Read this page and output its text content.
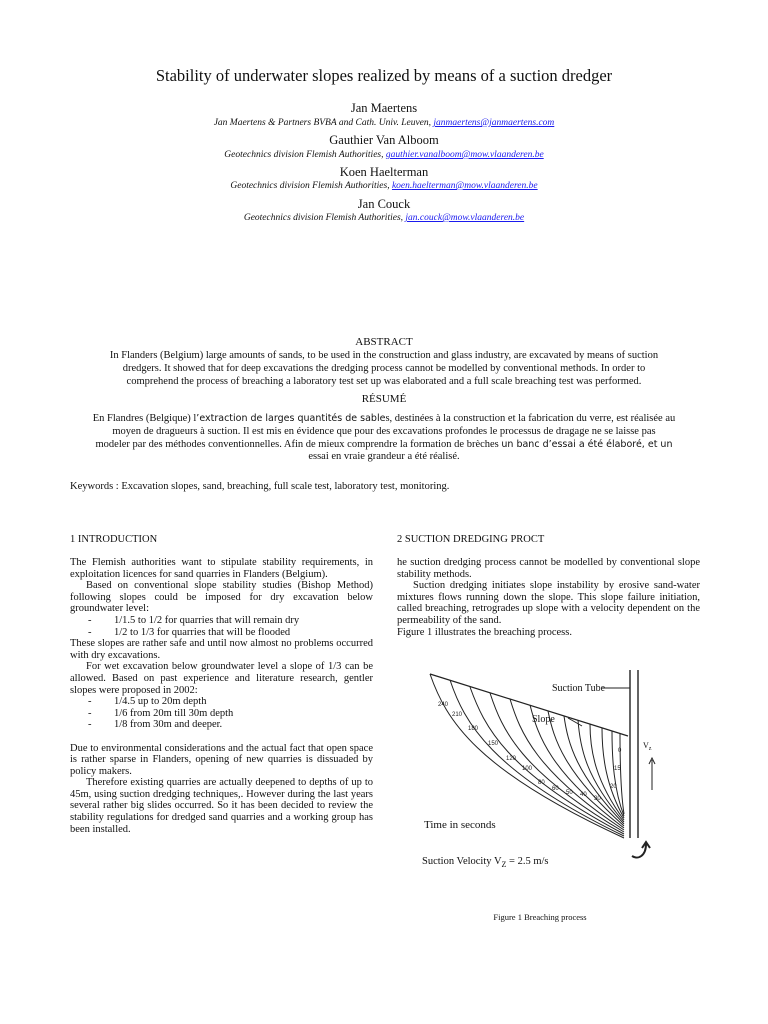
Stability of underwater slopes realized by means of a suction dredger
Jan Maertens
Jan Maertens & Partners BVBA and Cath. Univ. Leuven, janmaertens@janmaertens.com
Gauthier Van Alboom
Geotechnics division Flemish Authorities, gauthier.vanalboom@mow.vlaanderen.be
Koen Haelterman
Geotechnics division Flemish Authorities, koen.haelterman@mow.vlaanderen.be
Jan Couck
Geotechnics division Flemish Authorities, jan.couck@mow.vlaanderen.be
ABSTRACT
In Flanders (Belgium) large amounts of sands, to be used in the construction and glass industry, are excavated by means of suction
dredgers. It showed that for deep excavations the dredging process cannot be modelled by conventional methods. In order to
comprehend the process of breaching a laboratory test set up was elaborated and a full scale breaching test was performed.
RÉSUMÉ
En Flandres (Belgique) l’extraction de larges quantités de sables, destinées à la construction et la fabrication du verre, est réalisée au
moyen de dragueurs à suction. Il est mis en évidence que pour des excavations profondes le processus de dragage ne se laisse pas
modeler par des méthodes conventionnelles. Afin de mieux comprendre la formation de brèches un banc d’essai a été élaboré, et un
essai en vraie grandeur a été réalisé.
Keywords : Excavation slopes, sand, breaching, full scale test, laboratory test, monitoring.
1 INTRODUCTION

The Flemish authorities want to stipulate stability requirements, in exploitation licences for sand quarries in Flanders (Belgium).

Based on conventional slope stability studies (Bishop Method) following slopes could be imposed for dry excavation below groundwater level:

-	1/1.5 to 1/2 for quarries that will remain dry
-	1/2 to 1/3 for quarries that will be flooded

These slopes are rather safe and until now almost no problems occurred with dry excavations.

For wet excavation below groundwater level a slope of 1/3 can be allowed. Based on past experience and literature research, gentler slopes were proposed in 2002:

-	1/4.5 up to 20m depth
-	1/6 from 20m till 30m depth
-	1/8 from 30m and deeper.

Due to environmental considerations and the actual fact that open space is rather sparse in Flanders, opening of new quarries is dissuaded by policy makers.

Therefore existing quarries are actually deepened to depths of up to 45m, using suction dredging techniques,. However during the last years several rather big slides occurred. So it has been decided to review the stability regulations for dredged sand quarries and a working group has been installed.

2 SUCTION DREDGING PROCT

he suction dredging process cannot be modelled by conventional slope stability methods.

Suction dredging initiates slope instability by erosive sand-water mixtures flows running down the slope. This slope failure initiation, called breaching, retrogrades up slope with a velocity dependent on the permeability of the sand.

Figure 1 illustrates the breaching process.

Suction Tube
Slope
Time in seconds
Suction Velocity $V_Z = 2.5$ m/s
$V_z$
240
210
180
150
120
100
80
60
50 40
30
20
15
0
Figure 1 Breaching process
